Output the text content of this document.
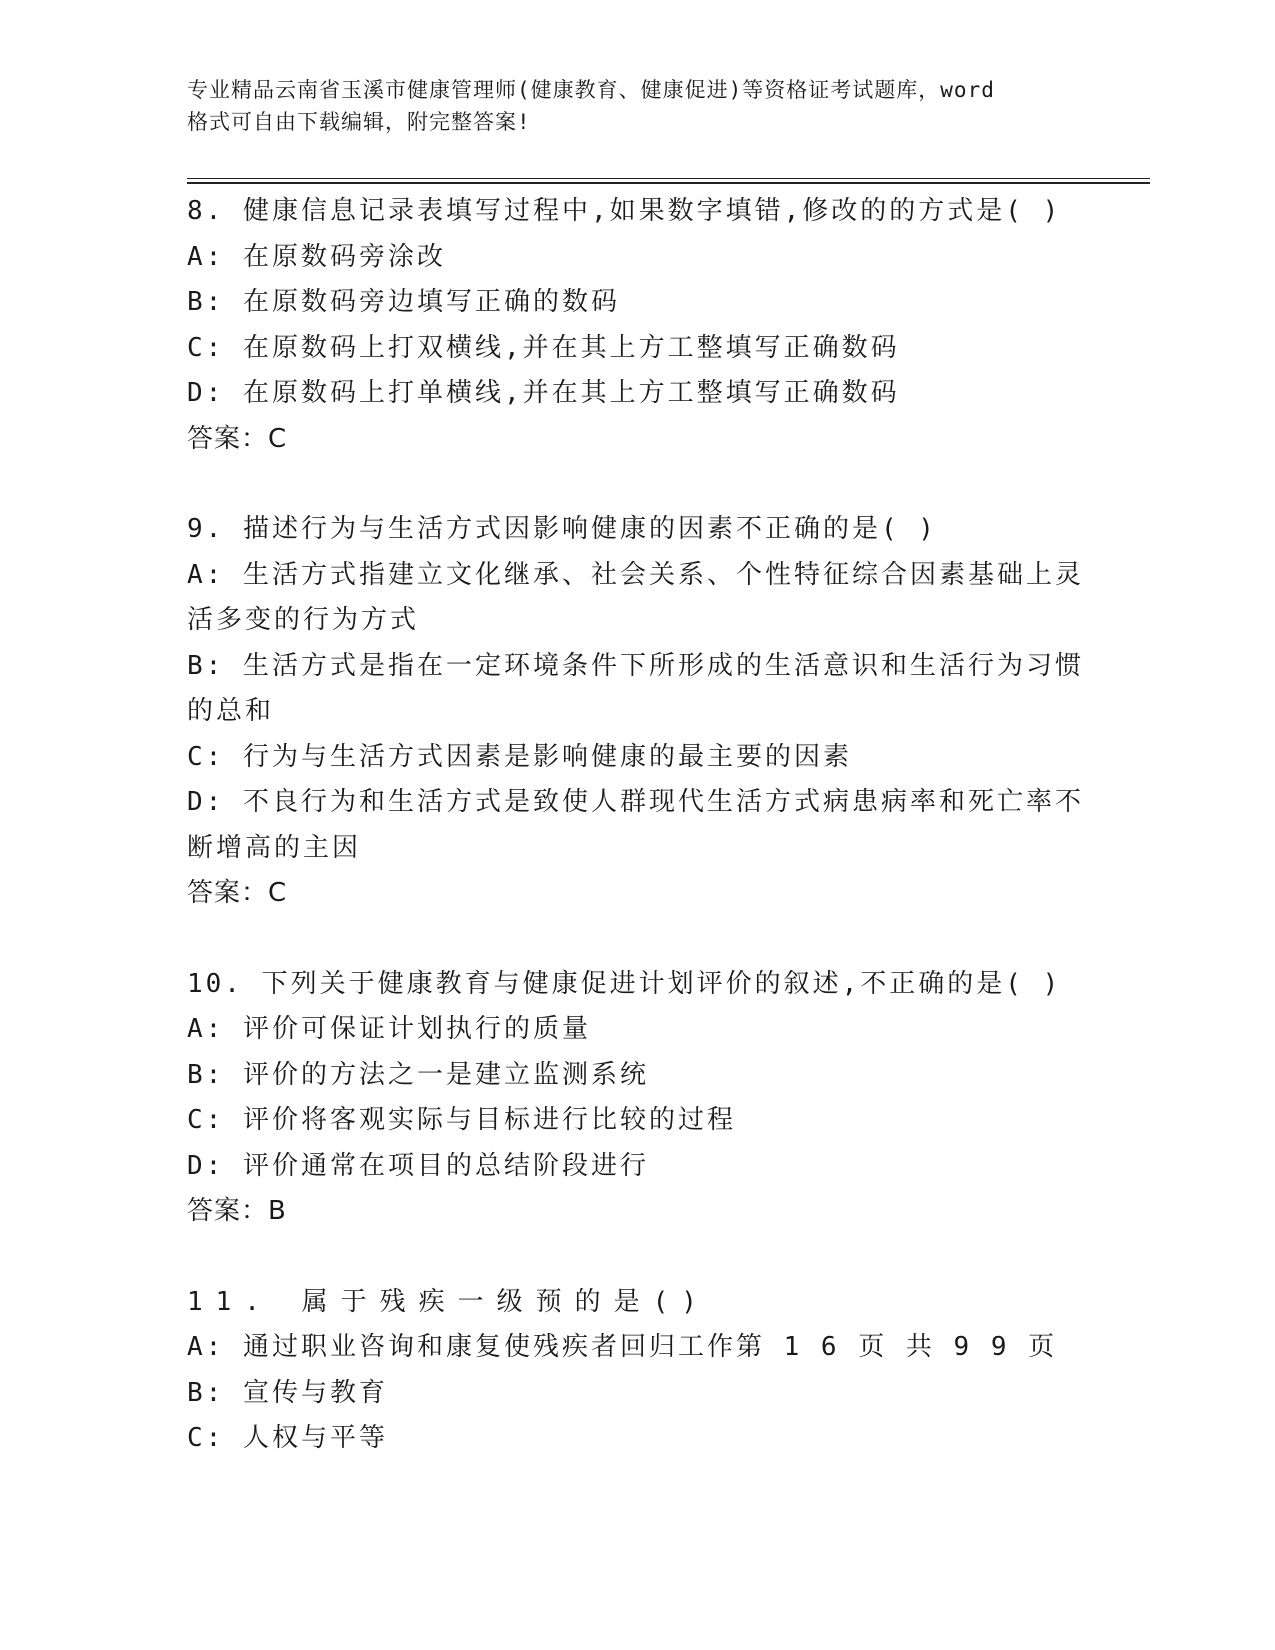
专业精品云南省玉溪市健康管理师(健康教育、健康促进)等资格证考试题库，word
格式可自由下载编辑，附完整答案!
8. 健康信息记录表填写过程中,如果数字填错,修改的的方式是( )
A: 在原数码旁涂改
B: 在原数码旁边填写正确的数码
C: 在原数码上打双横线,并在其上方工整填写正确数码
D: 在原数码上打单横线,并在其上方工整填写正确数码
答案：C
9. 描述行为与生活方式因影响健康的因素不正确的是( )
A: 生活方式指建立文化继承、社会关系、个性特征综合因素基础上灵
活多变的行为方式
B: 生活方式是指在一定环境条件下所形成的生活意识和生活行为习惯
的总和
C: 行为与生活方式因素是影响健康的最主要的因素
D: 不良行为和生活方式是致使人群现代生活方式病患病率和死亡率不
断增高的主因
答案：C
10. 下列关于健康教育与健康促进计划评价的叙述,不正确的是( )
A: 评价可保证计划执行的质量
B: 评价的方法之一是建立监测系统
C: 评价将客观实际与目标进行比较的过程
D: 评价通常在项目的总结阶段进行
答案：B
11. 属于残疾一级预的是()
A: 通过职业咨询和康复使残疾者回归工作第 1 6 页 共 9 9 页
B: 宣传与教育
C: 人权与平等
